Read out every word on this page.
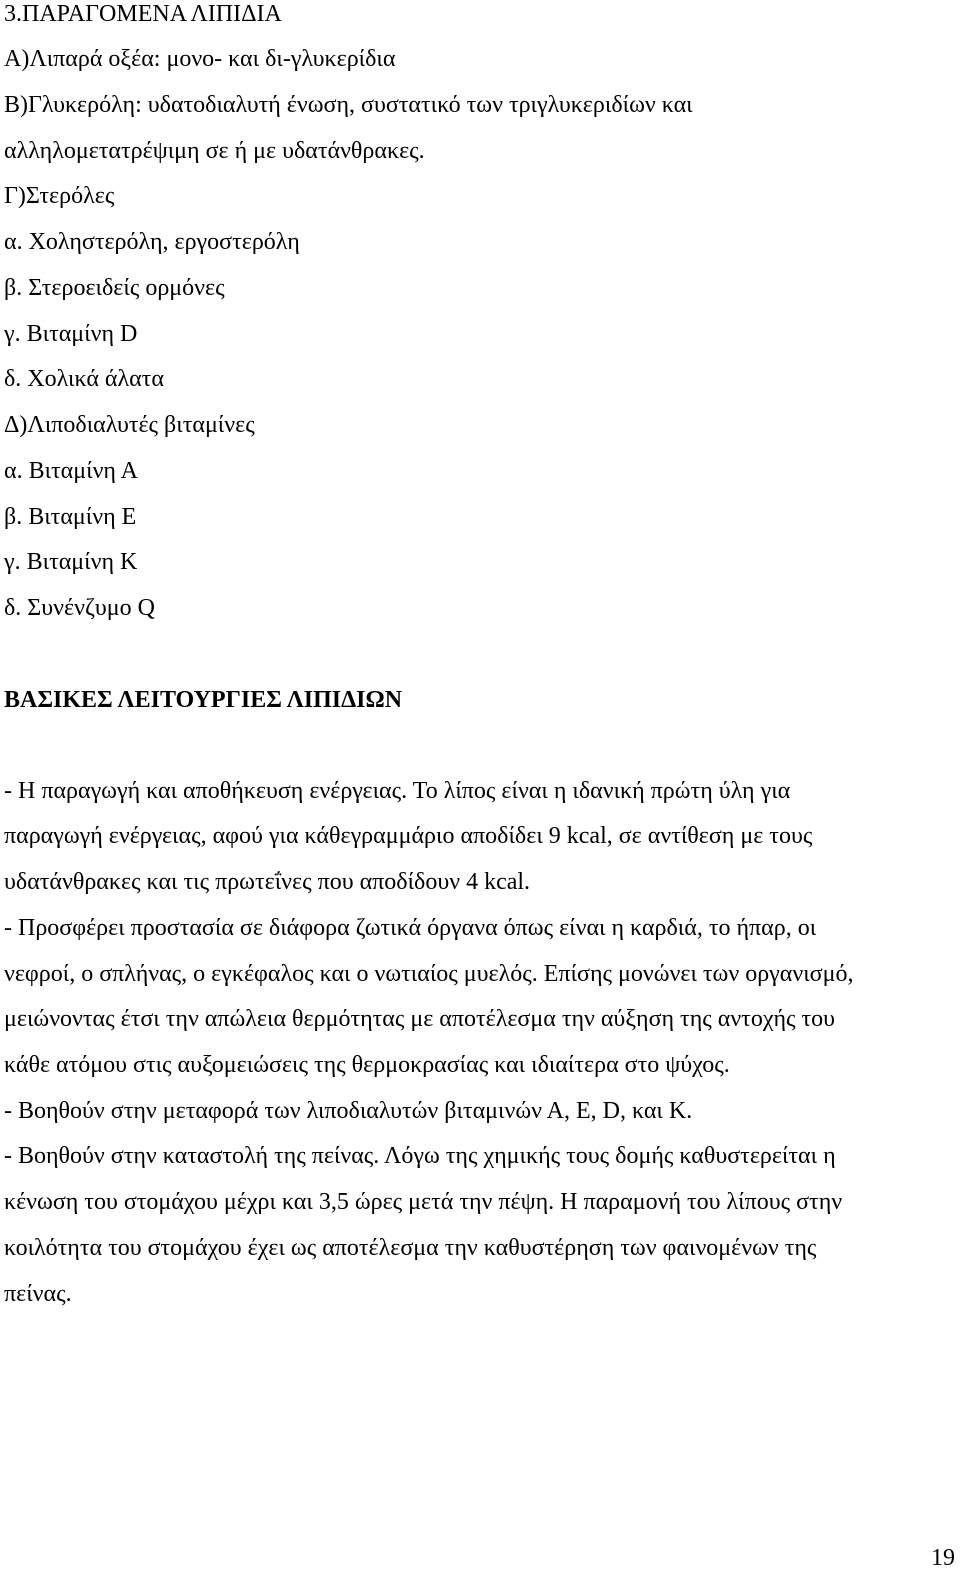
3.ΠΑΡΑΓΟΜΕΝΑ ΛΙΠΙΔΙΑ

Α)Λιπαρά οξέα: μονο- και δι-γλυκερίδια

Β)Γλυκερόλη: υδατοδιαλυτή ένωση, συστατικό των τριγλυκεριδίων και

αλληλομετατρέψιμη σε ή με υδατάνθρακες.

Γ)Στερόλες

α. Χοληστερόλη, εργοστερόλη

β. Στεροειδείς ορμόνες

γ. Βιταμίνη D

δ. Χολικά άλατα

Δ)Λιποδιαλυτές βιταμίνες

α. Βιταμίνη Α

β. Βιταμίνη Ε

γ. Βιταμίνη Κ

δ. Συνένζυμο Q

ΒΑΣΙΚΕΣ ΛΕΙΤΟΥΡΓΙΕΣ ΛΙΠΙΔΙΩΝ

- Η παραγωγή και αποθήκευση ενέργειας. Το λίπος είναι η ιδανική πρώτη ύλη για

παραγωγή ενέργειας, αφού για κάθεγραμμάριο αποδίδει 9 kcal, σε αντίθεση με τους

υδατάνθρακες και τις πρωτεΐνες που αποδίδουν 4 kcal.

- Προσφέρει προστασία σε διάφορα ζωτικά όργανα όπως είναι η καρδιά, το ήπαρ, οι

νεφροί, ο σπλήνας, ο εγκέφαλος και ο νωτιαίος μυελός. Επίσης μονώνει των οργανισμό,

μειώνοντας έτσι την απώλεια θερμότητας με αποτέλεσμα την αύξηση της αντοχής του

κάθε ατόμου στις αυξομειώσεις της θερμοκρασίας και ιδιαίτερα στο ψύχος.

- Βοηθούν στην μεταφορά των λιποδιαλυτών βιταμινών Α, Ε, D, και Κ.

- Βοηθούν στην καταστολή της πείνας. Λόγω της χημικής τους δομής καθυστερείται η

κένωση του στομάχου μέχρι και 3,5 ώρες μετά την πέψη. Η παραμονή του λίπους στην

κοιλότητα του στομάχου έχει ως αποτέλεσμα την καθυστέρηση των φαινομένων της

πείνας.

19
